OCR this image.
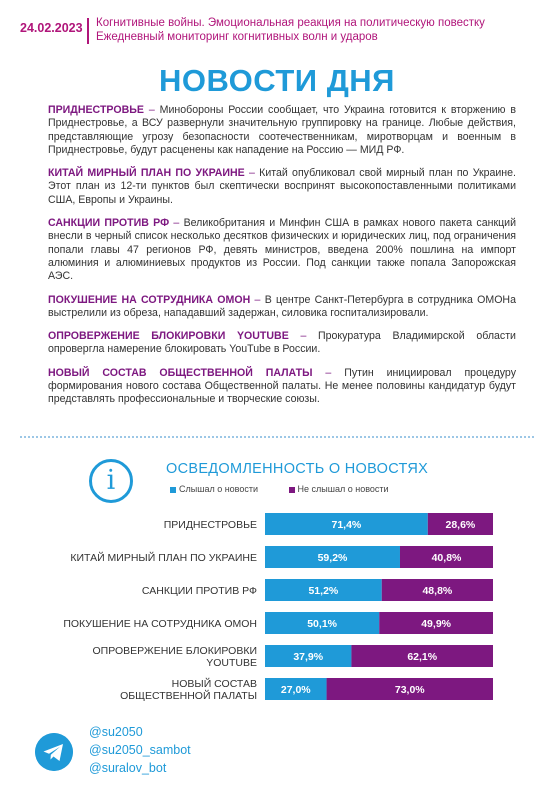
24.02.2023 Когнитивные войны. Эмоциональная реакция на политическую повестку
Ежедневный мониторинг когнитивных волн и ударов
НОВОСТИ ДНЯ
ПРИДНЕСТРОВЬЕ – Минобороны России сообщает, что Украина готовится к вторжению в Приднестровье, а ВСУ развернули значительную группировку на границе. Любые действия, представляющие угрозу безопасности соотечественникам, миротворцам и военным в Приднестровье, будут расценены как нападение на Россию — МИД РФ.
КИТАЙ МИРНЫЙ ПЛАН ПО УКРАИНЕ – Китай опубликовал свой мирный план по Украине. Этот план из 12-ти пунктов был скептически воспринят высокопоставленными политиками США, Европы и Украины.
САНКЦИИ ПРОТИВ РФ – Великобритания и Минфин США в рамках нового пакета санкций внесли в черный список несколько десятков физических и юридических лиц, под ограничения попали главы 47 регионов РФ, девять министров, введена 200% пошлина на импорт алюминия и алюминиевых продуктов из России. Под санкции также попала Запорожская АЭС.
ПОКУШЕНИЕ НА СОТРУДНИКА ОМОН – В центре Санкт-Петербурга в сотрудника ОМОНа выстрелили из обреза, нападавший задержан, силовика госпитализировали.
ОПРОВЕРЖЕНИЕ БЛОКИРОВКИ YOUTUBE – Прокуратура Владимирской области опровергла намерение блокировать YouTube в России.
НОВЫЙ СОСТАВ ОБЩЕСТВЕННОЙ ПАЛАТЫ – Путин инициировал процедуру формирования нового состава Общественной палаты. Не менее половины кандидатур будут представлять профессиональные и творческие союзы.
i	ОСВЕДОМЛЕННОСТЬ О НОВОСТЯХ
Слышал о новости	Не слышал о новости
ПРИДНЕСТРОВЬЕ	71,4%	28,6%
КИТАЙ МИРНЫЙ ПЛАН ПО УКРАИНЕ	59,2%	40,8%
САНКЦИИ ПРОТИВ РФ	51,2%	48,8%
ПОКУШЕНИЕ НА СОТРУДНИКА ОМОН	50,1%	49,9%
ОПРОВЕРЖЕНИЕ БЛОКИРОВКИ
YOUTUBE	37,9%	62,1%
НОВЫЙ СОСТАВ
ОБЩЕСТВЕННОЙ ПАЛАТЫ 27,0%	73,0%
@su2050
@su2050_sambot
@suralov_bot
